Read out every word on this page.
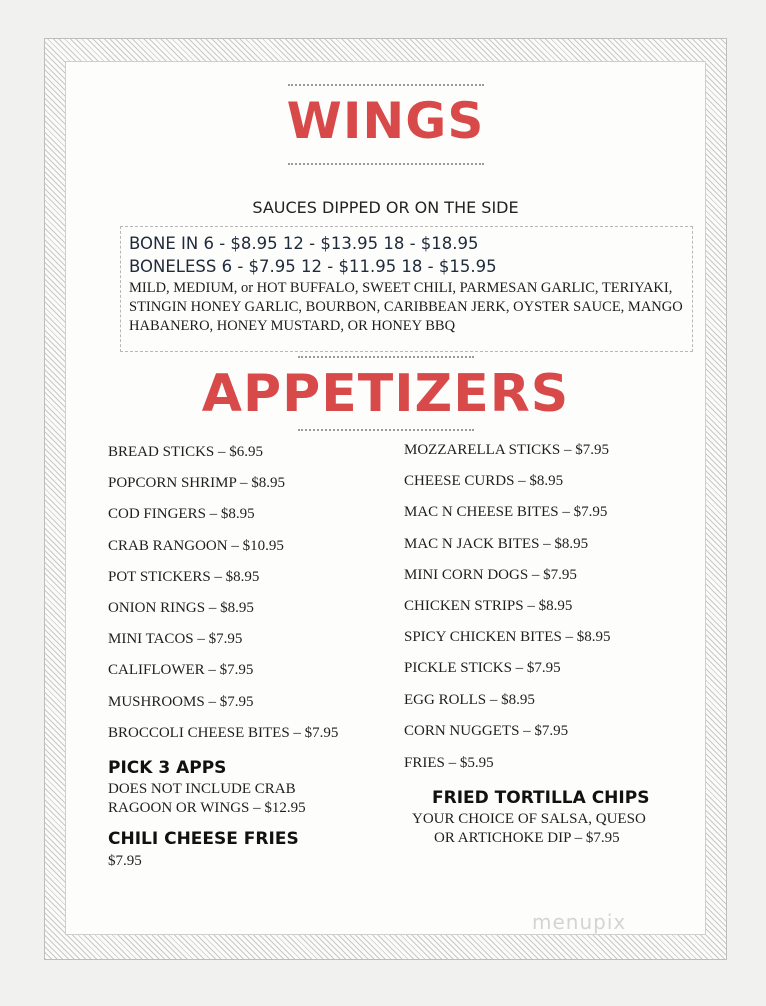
WINGS
SAUCES DIPPED OR ON THE SIDE
BONE IN 6 - $8.95 12 - $13.95 18 - $18.95
BONELESS 6 - $7.95 12 - $11.95 18 - $15.95
MILD, MEDIUM, or HOT BUFFALO, SWEET CHILI, PARMESAN GARLIC, TERIYAKI, STINGIN HONEY GARLIC, BOURBON, CARIBBEAN JERK, OYSTER SAUCE, MANGO HABANERO, HONEY MUSTARD, OR HONEY BBQ
APPETIZERS
BREAD STICKS – $6.95
POPCORN SHRIMP – $8.95
COD FINGERS – $8.95
CRAB RANGOON – $10.95
POT STICKERS – $8.95
ONION RINGS – $8.95
MINI TACOS – $7.95
CALIFLOWER – $7.95
MUSHROOMS – $7.95
BROCCOLI CHEESE BITES – $7.95
PICK 3 APPS
DOES NOT INCLUDE CRAB
RAGOON OR WINGS – $12.95
CHILI CHEESE FRIES
$7.95
MOZZARELLA STICKS – $7.95
CHEESE CURDS – $8.95
MAC N CHEESE BITES – $7.95
MAC N JACK BITES – $8.95
MINI CORN DOGS – $7.95
CHICKEN STRIPS – $8.95
SPICY CHICKEN BITES – $8.95
PICKLE STICKS – $7.95
EGG ROLLS – $8.95
CORN NUGGETS – $7.95
FRIES – $5.95
FRIED TORTILLA CHIPS
YOUR CHOICE OF SALSA, QUESO
OR ARTICHOKE DIP – $7.95
menupix
